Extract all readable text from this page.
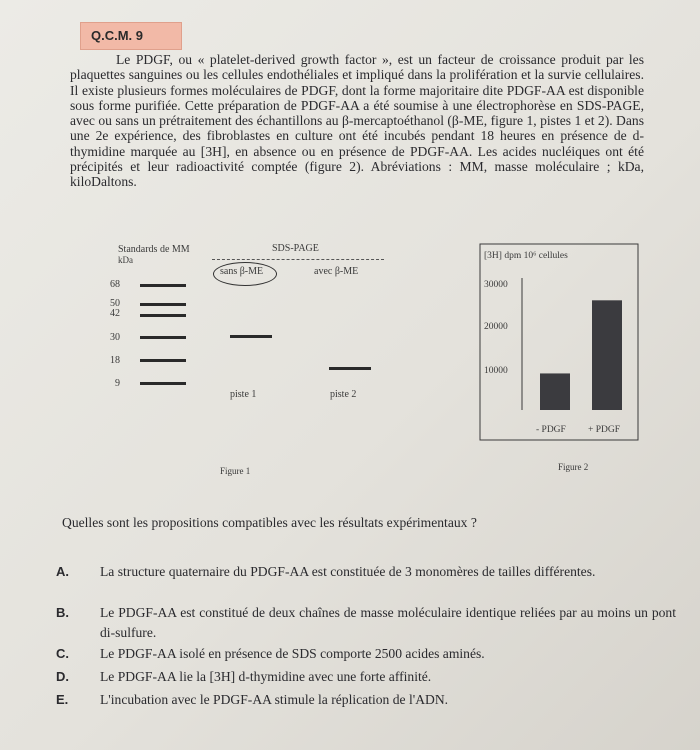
Q.C.M. 9

Le PDGF, ou « platelet-derived growth factor », est un facteur de croissance produit par les plaquettes sanguines ou les cellules endothéliales et impliqué dans la prolifération et la survie cellulaires. Il existe plusieurs formes moléculaires de PDGF, dont la forme majoritaire dite PDGF-AA est disponible sous forme purifiée. Cette préparation de PDGF-AA a été soumise à une électrophorèse en SDS-PAGE, avec ou sans un prétraitement des échantillons au β-mercaptoéthanol (β-ME, figure 1, pistes 1 et 2). Dans une 2e expérience, des fibroblastes en culture ont été incubés pendant 18 heures en présence de d-thymidine marquée au [3H], en absence ou en présence de PDGF-AA. Les acides nucléiques ont été précipités et leur radioactivité comptée (figure 2). Abréviations : MM, masse moléculaire ; kDa, kiloDaltons.

Standards de MM
kDa
SDS-PAGE
sans β-ME	avec β-ME
68
50
42
30
18
9
piste 1	piste 2
Figure 1
[3H] dpm 10⁶ cellules
30000
20000
10000
- PDGF + PDGF
Figure 2

Quelles sont les propositions compatibles avec les résultats expérimentaux ?

A.	La structure quaternaire du PDGF-AA est constituée de 3 monomères de tailles différentes.
B.	Le PDGF-AA est constitué de deux chaînes de masse moléculaire identique reliées par au moins un pont di-sulfure.
C.	Le PDGF-AA isolé en présence de SDS comporte 2500 acides aminés.
D.	Le PDGF-AA lie la [3H] d-thymidine avec une forte affinité.
E.	L'incubation avec le PDGF-AA stimule la réplication de l'ADN.
